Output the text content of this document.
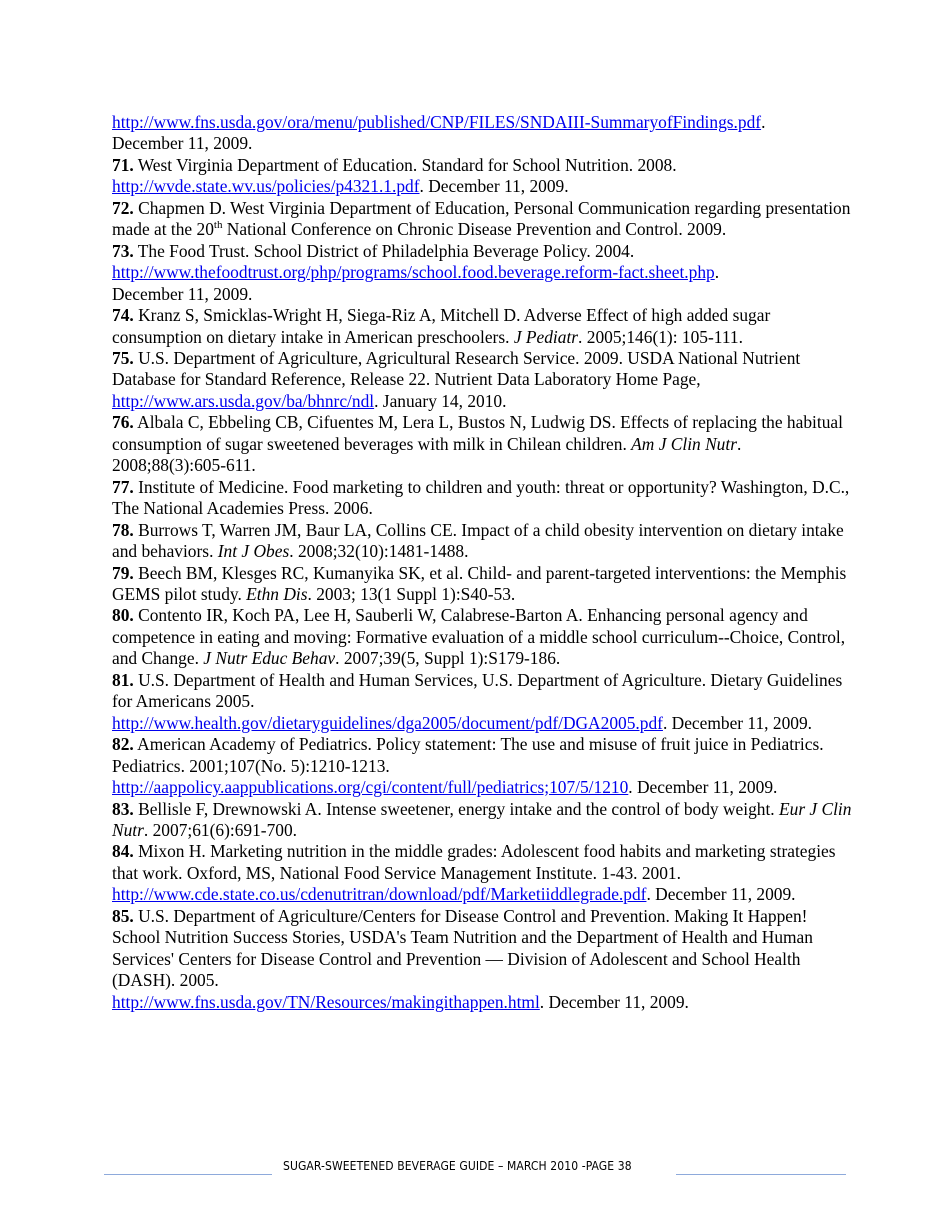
http://www.fns.usda.gov/ora/menu/published/CNP/FILES/SNDAIII-SummaryofFindings.pdf.
December 11, 2009.

71. West Virginia Department of Education. Standard for School Nutrition. 2008.
http://wvde.state.wv.us/policies/p4321.1.pdf. December 11, 2009.

72. Chapmen D. West Virginia Department of Education, Personal Communication regarding presentation made at the 20th National Conference on Chronic Disease Prevention and Control. 2009.

73. The Food Trust. School District of Philadelphia Beverage Policy. 2004.
http://www.thefoodtrust.org/php/programs/school.food.beverage.reform-fact.sheet.php.
December 11, 2009.

74. Kranz S, Smicklas-Wright H, Siega-Riz A, Mitchell D. Adverse Effect of high added sugar consumption on dietary intake in American preschoolers. J Pediatr. 2005;146(1): 105-111.

75. U.S. Department of Agriculture, Agricultural Research Service. 2009. USDA National Nutrient Database for Standard Reference, Release 22. Nutrient Data Laboratory Home Page, http://www.ars.usda.gov/ba/bhnrc/ndl. January 14, 2010.

76. Albala C, Ebbeling CB, Cifuentes M, Lera L, Bustos N, Ludwig DS. Effects of replacing the habitual consumption of sugar sweetened beverages with milk in Chilean children. Am J Clin Nutr. 2008;88(3):605-611.

77. Institute of Medicine. Food marketing to children and youth: threat or opportunity? Washington, D.C., The National Academies Press. 2006.

78. Burrows T, Warren JM, Baur LA, Collins CE. Impact of a child obesity intervention on dietary intake and behaviors. Int J Obes. 2008;32(10):1481-1488.

79. Beech BM, Klesges RC, Kumanyika SK, et al. Child- and parent-targeted interventions: the Memphis GEMS pilot study. Ethn Dis. 2003; 13(1 Suppl 1):S40-53.

80. Contento IR, Koch PA, Lee H, Sauberli W, Calabrese-Barton A. Enhancing personal agency and competence in eating and moving: Formative evaluation of a middle school curriculum--Choice, Control, and Change. J Nutr Educ Behav. 2007;39(5, Suppl 1):S179-186.

81. U.S. Department of Health and Human Services, U.S. Department of Agriculture. Dietary Guidelines for Americans 2005.
http://www.health.gov/dietaryguidelines/dga2005/document/pdf/DGA2005.pdf. December 11, 2009.

82. American Academy of Pediatrics. Policy statement: The use and misuse of fruit juice in Pediatrics. Pediatrics. 2001;107(No. 5):1210-1213.
http://aappolicy.aappublications.org/cgi/content/full/pediatrics;107/5/1210. December 11, 2009.

83. Bellisle F, Drewnowski A. Intense sweetener, energy intake and the control of body weight. Eur J Clin Nutr. 2007;61(6):691-700.

84. Mixon H. Marketing nutrition in the middle grades: Adolescent food habits and marketing strategies that work. Oxford, MS, National Food Service Management Institute. 1-43. 2001. http://www.cde.state.co.us/cdenutritran/download/pdf/Marketiiddlegrade.pdf. December 11, 2009.

85. U.S. Department of Agriculture/Centers for Disease Control and Prevention. Making It Happen! School Nutrition Success Stories, USDA's Team Nutrition and the Department of Health and Human Services' Centers for Disease Control and Prevention — Division of Adolescent and School Health (DASH). 2005.
http://www.fns.usda.gov/TN/Resources/makingithappen.html. December 11, 2009.

SUGAR-SWEETENED BEVERAGE GUIDE – MARCH 2010 -PAGE 38
